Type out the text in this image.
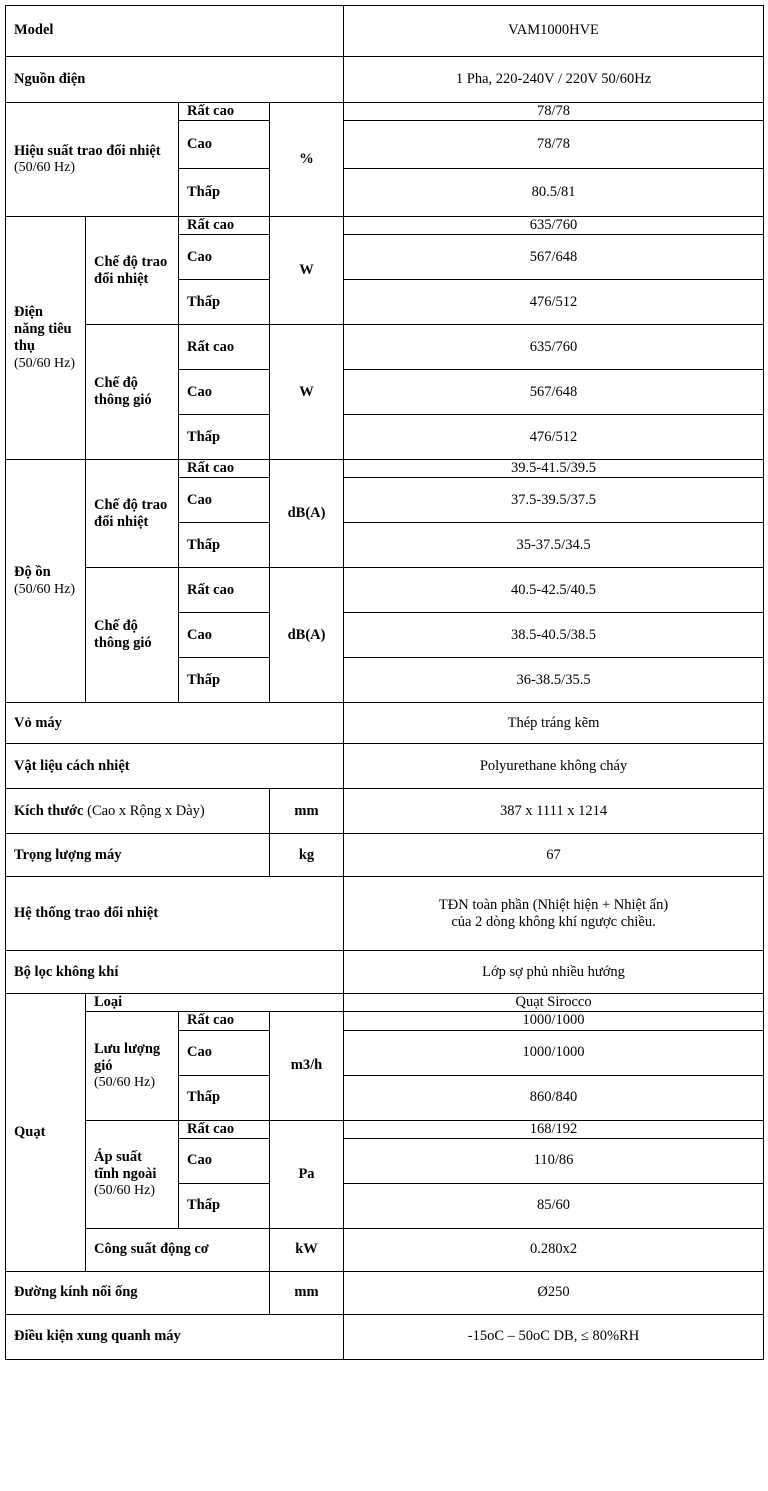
Model				VAM1000HVE
Nguồn điện				1 Pha, 220-240V / 220V 50/60Hz
Hiệu suất trao đổi nhiệt
(50/60 Hz)		Rất cao	%	78/78
		Cao		78/78
		Thấp		80.5/81
Điện năng tiêu thụ
(50/60 Hz)	Chế độ trao đổi nhiệt	Rất cao	W	635/760
		Cao		567/648
		Thấp		476/512
	Chế độ thông gió	Rất cao	W	635/760
		Cao		567/648
		Thấp		476/512
Độ ồn
(50/60 Hz)	Chế độ trao đổi nhiệt	Rất cao	dB(A)	39.5-41.5/39.5
		Cao		37.5-39.5/37.5
		Thấp		35-37.5/34.5
	Chế độ thông gió	Rất cao	dB(A)	40.5-42.5/40.5
		Cao		38.5-40.5/38.5
		Thấp		36-38.5/35.5
Vỏ máy				Thép tráng kẽm
Vật liệu cách nhiệt				Polyurethane không cháy
Kích thước (Cao x Rộng x Dày)			mm	387 x 1111 x 1214
Trọng lượng máy			kg	67
Hệ thống trao đổi nhiệt				TĐN toàn phần (Nhiệt hiện + Nhiệt ẩn)
của 2 dòng không khí ngược chiều.

Bộ lọc không khí				Lớp sợ phủ nhiều hướng
Quạt	Loại			Quạt Sirocco
	Lưu lượng gió
(50/60 Hz)	Rất cao	m3/h	1000/1000
		Cao		1000/1000
		Thấp		860/840
	Áp suất tĩnh ngoài
(50/60 Hz)	Rất cao	Pa	168/192
		Cao		110/86
		Thấp		85/60
	Công suất động cơ		kW	0.280x2
Đường kính nối ống			mm	Ø250
Điều kiện xung quanh máy				-15oC – 50oC DB, ≤ 80%RH
